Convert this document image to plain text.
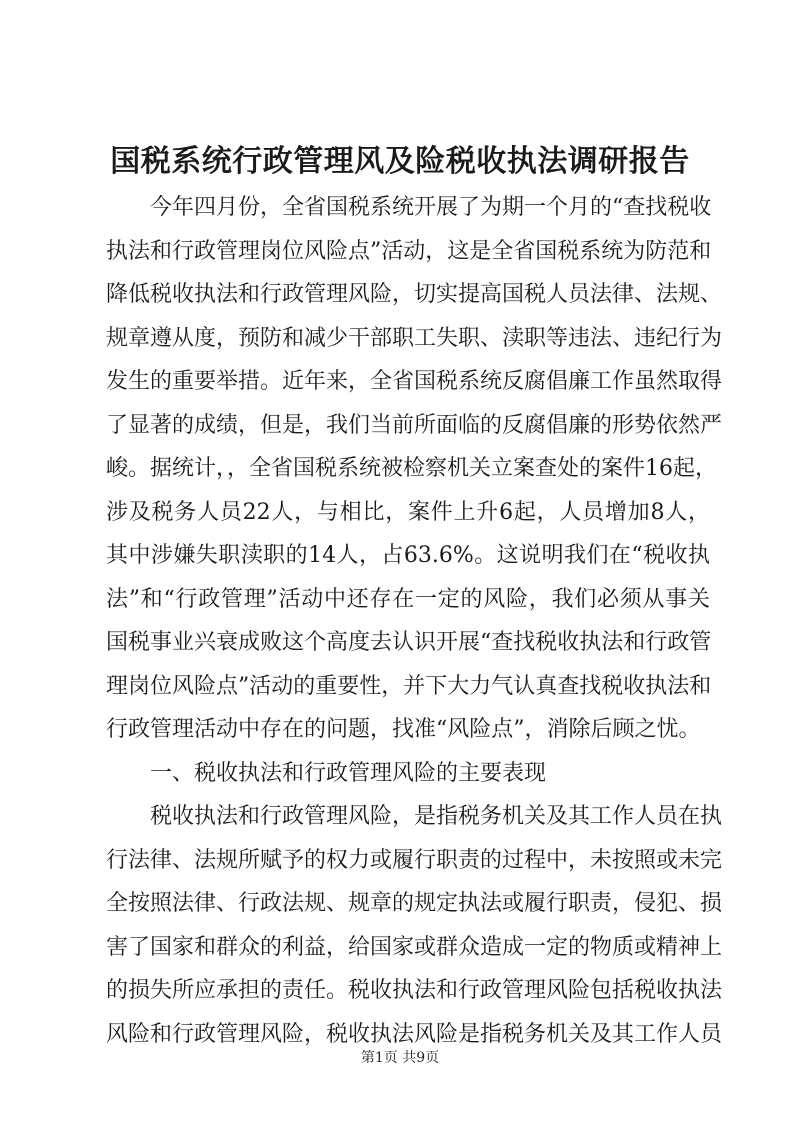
国税系统行政管理风及险税收执法调研报告
今年四月份，全省国税系统开展了为期一个月的“查找税收
执法和行政管理岗位风险点”活动，这是全省国税系统为防范和
降低税收执法和行政管理风险，切实提高国税人员法律、法规、
规章遵从度，预防和减少干部职工失职、渎职等违法、违纪行为
发生的重要举措。近年来，全省国税系统反腐倡廉工作虽然取得
了显著的成绩，但是，我们当前所面临的反腐倡廉的形势依然严
峻。据统计，，全省国税系统被检察机关立案查处的案件16起，
涉及税务人员22人，与相比，案件上升6起，人员增加8人，
其中涉嫌失职渎职的14人，占63.6%。这说明我们在“税收执
法”和“行政管理”活动中还存在一定的风险，我们必须从事关
国税事业兴衰成败这个高度去认识开展“查找税收执法和行政管
理岗位风险点”活动的重要性，并下大力气认真查找税收执法和
行政管理活动中存在的问题，找准“风险点”，消除后顾之忧。
一、税收执法和行政管理风险的主要表现
税收执法和行政管理风险，是指税务机关及其工作人员在执
行法律、法规所赋予的权力或履行职责的过程中，未按照或未完
全按照法律、行政法规、规章的规定执法或履行职责，侵犯、损
害了国家和群众的利益，给国家或群众造成一定的物质或精神上
的损失所应承担的责任。税收执法和行政管理风险包括税收执法
风险和行政管理风险，税收执法风险是指税务机关及其工作人员
第1页 共9页
